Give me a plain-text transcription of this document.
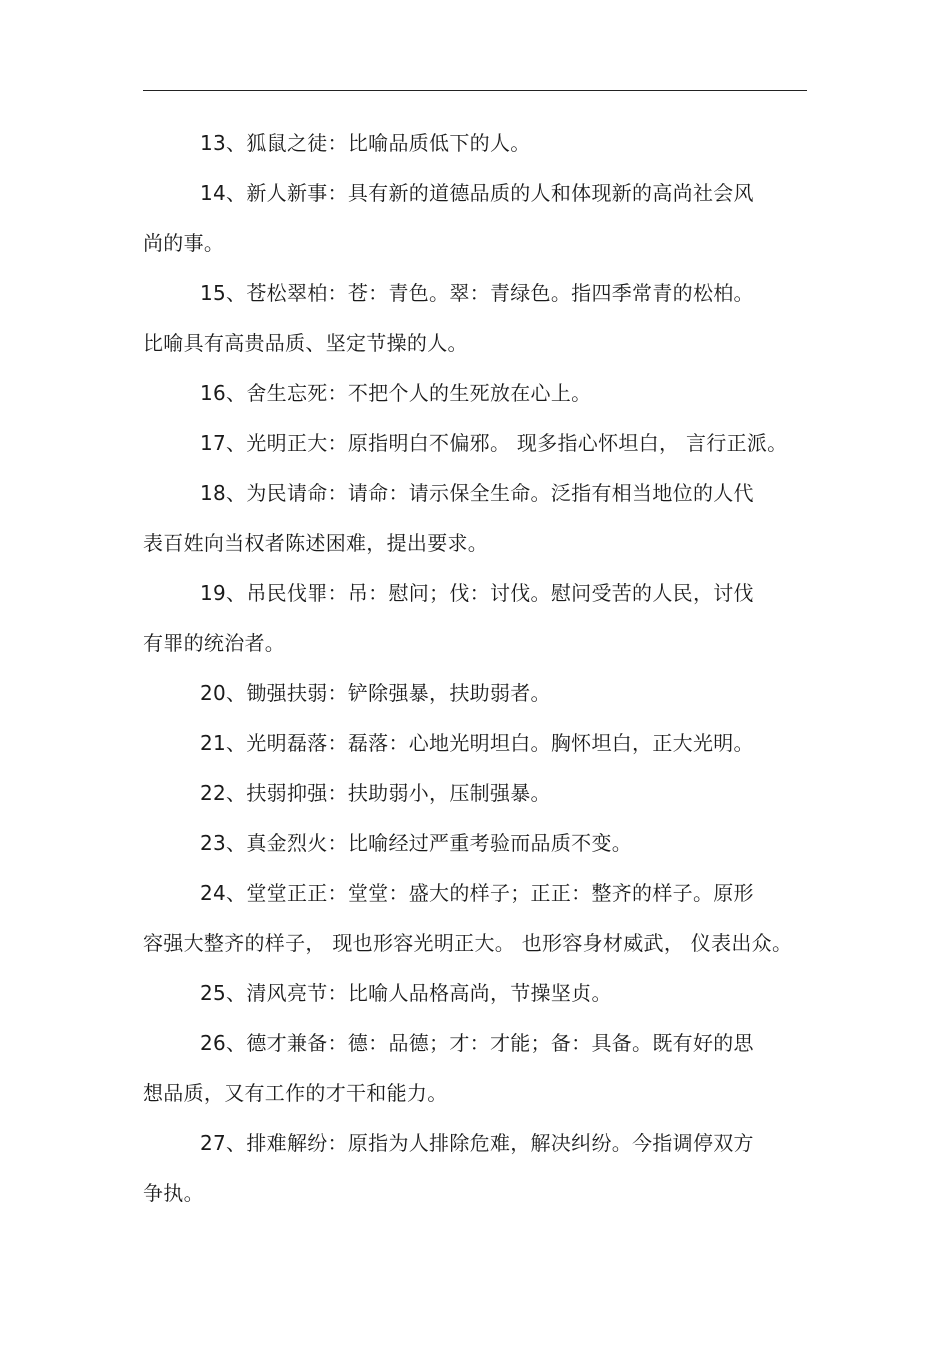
13、狐鼠之徒：比喻品质低下的人。
14、新人新事：具有新的道德品质的人和体现新的高尚社会风
尚的事。
15、苍松翠柏：苍：青色。翠：青绿色。指四季常青的松柏。
比喻具有高贵品质、坚定节操的人。
16、舍生忘死：不把个人的生死放在心上。
17、光明正大：原指明白不偏邪。 现多指心怀坦白， 言行正派。
18、为民请命：请命：请示保全生命。泛指有相当地位的人代
表百姓向当权者陈述困难，提出要求。
19、吊民伐罪：吊：慰问；伐：讨伐。慰问受苦的人民，讨伐
有罪的统治者。
20、锄强扶弱：铲除强暴，扶助弱者。
21、光明磊落：磊落：心地光明坦白。胸怀坦白，正大光明。
22、扶弱抑强：扶助弱小，压制强暴。
23、真金烈火：比喻经过严重考验而品质不变。
24、堂堂正正：堂堂：盛大的样子；正正：整齐的样子。原形
容强大整齐的样子， 现也形容光明正大。 也形容身材威武， 仪表出众。
25、清风亮节：比喻人品格高尚，节操坚贞。
26、德才兼备：德：品德；才：才能；备：具备。既有好的思
想品质，又有工作的才干和能力。
27、排难解纷：原指为人排除危难，解决纠纷。今指调停双方
争执。
